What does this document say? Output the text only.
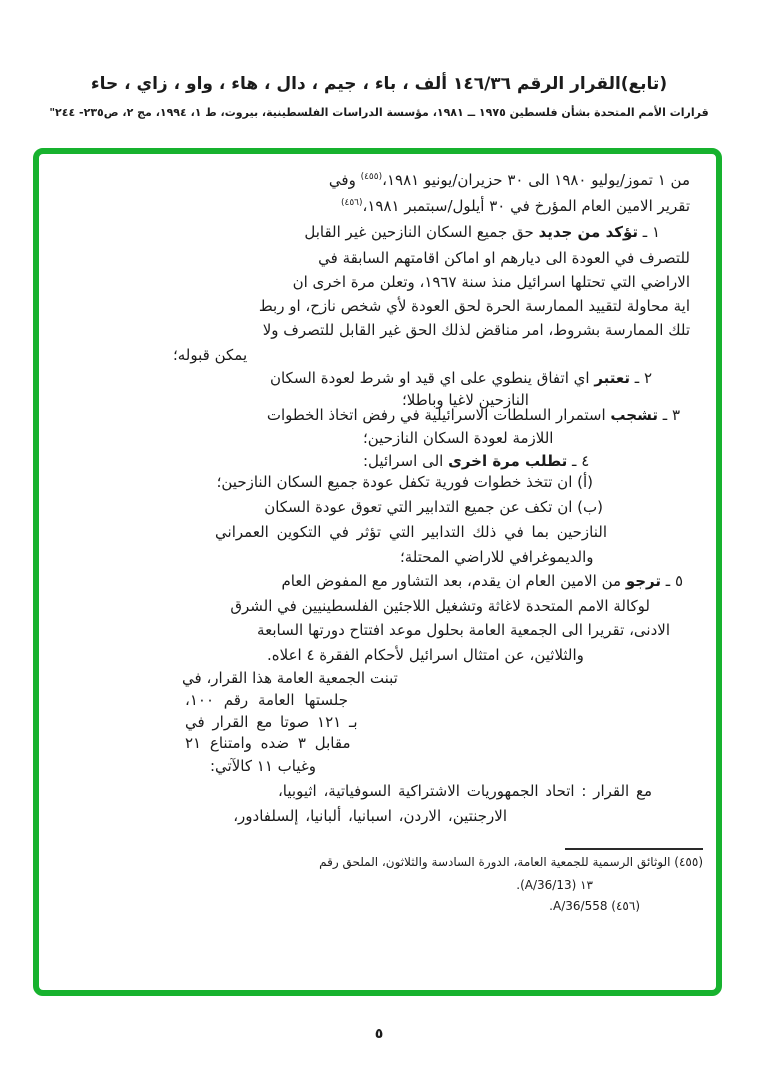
(تابع)القرار الرقم ١٤٦/٣٦ ألف ، باء ، جيم ، دال ، هاء ، واو ، زاي ، حاء
قرارات الأمم المتحدة بشأن فلسطين ١٩٧٥ ــ ١٩٨١، مؤسسة الدراسات الفلسطينية، بيروت، ط ١، ١٩٩٤، مج ٢، ص٢٣٥- ٢٤٤"
من ١ تموز/يوليو ١٩٨٠ الى ٣٠ حزيران/يونيو ١٩٨١،$^{(٤٥٥)}$ وفي
تقرير الامين العام المؤرخ في ٣٠ أيلول/سبتمبر ١٩٨١،$^{(٤٥٦)}$
١ ـ تؤكد من جديد حق جميع السكان النازحين غير القابل
للتصرف في العودة الى ديارهم او اماكن اقامتهم السابقة في
الاراضي التي تحتلها اسرائيل منذ سنة ١٩٦٧، وتعلن مرة اخرى ان
اية محاولة لتقييد الممارسة الحرة لحق العودة لأي شخص نازح، او ربط
تلك الممارسة بشروط، امر مناقض لذلك الحق غير القابل للتصرف ولا
يمكن قبوله؛
٢ ـ تعتبر اي اتفاق ينطوي على اي قيد او شرط لعودة السكان
النازحين لاغيا وباطلا؛
٣ ـ تشجب استمرار السلطات الاسرائيلية في رفض اتخاذ الخطوات
اللازمة لعودة السكان النازحين؛
٤ ـ تطلب مرة اخرى الى اسرائيل:
(أ) ان تتخذ خطوات فورية تكفل عودة جميع السكان النازحين؛
(ب) ان تكف عن جميع التدابير التي تعوق عودة السكان
النازحين بما في ذلك التدابير التي تؤثر في التكوين العمراني
والديموغرافي للاراضي المحتلة؛
٥ ـ ترجو من الامين العام ان يقدم، بعد التشاور مع المفوض العام
لوكالة الامم المتحدة لاغاثة وتشغيل اللاجئين الفلسطينيين في الشرق
الادنى، تقريرا الى الجمعية العامة بحلول موعد افتتاح دورتها السابعة
والثلاثين، عن امتثال اسرائيل لأحكام الفقرة ٤ اعلاه.
تبنت الجمعية العامة هذا القرار، في
جلستها العامة رقم ١٠٠،
بـ ١٢١ صوتا مع القرار في
مقابل ٣ ضده وامتناع ٢١
وغياب ١١ كالآتي:
مع القرار : اتحاد الجمهوريات الاشتراكية السوفياتية، اثيوبيا،
الارجنتين، الاردن، اسبانيا، ألبانيا، إلسلفادور،
(٤٥٥) الوثائق الرسمية للجمعية العامة، الدورة السادسة والثلاثون، الملحق رقم
١٣ (A/36/13).
(٤٥٦) A/36/558.
٥
